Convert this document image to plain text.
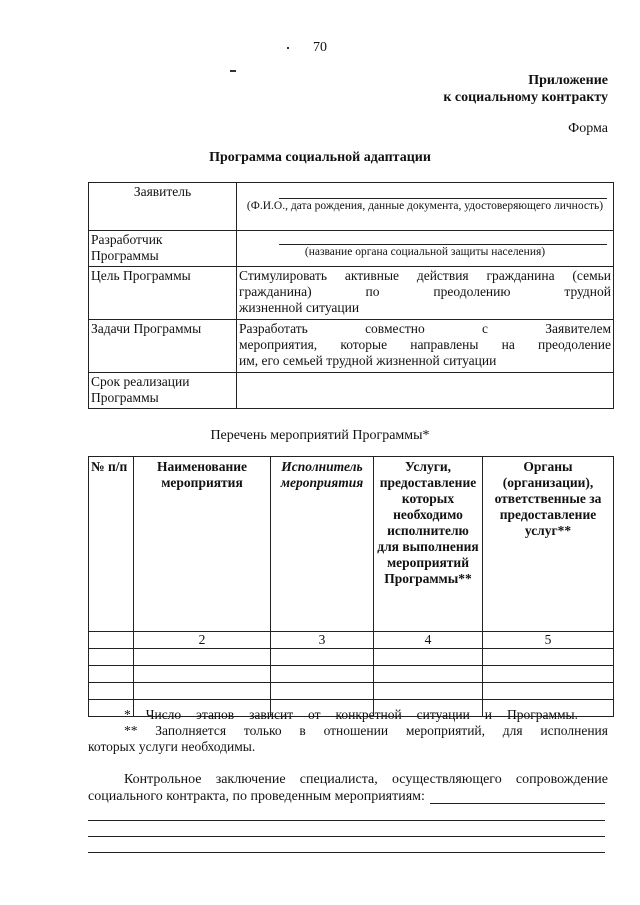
70
Приложение
к социальному контракту
Форма
Программа социальной адаптации
Заявитель	(Ф.И.О., дата рождения, данные документа, удостоверяющего личность)

Разработчик
Программы	(название органа социальной защиты населения)

Цель Программы	Стимулировать активные действия гражданина (семьи
гражданина) по преодолению трудной
жизненной ситуации

Задачи Программы	Разработать совместно с Заявителем
мероприятия, которые направлены на преодоление
им, его семьей трудной жизненной ситуации

Срок реализации
Программы	

Перечень мероприятий Программы*
№ п/п	Наименование мероприятия	Исполнитель мероприятия	Услуги, предоставление которых необходимо исполнителю для выполнения мероприятий Программы**	Органы (организации), ответственные за предоставление услуг**
	2	3	4	5

* Число этапов зависит от конкретной ситуации и Программы.
** Заполняется только в отношении мероприятий, для исполнения
которых услуги необходимы.
Контрольное заключение специалиста, осуществляющего сопровождение
социального контракта, по проведенным мероприятиям:
